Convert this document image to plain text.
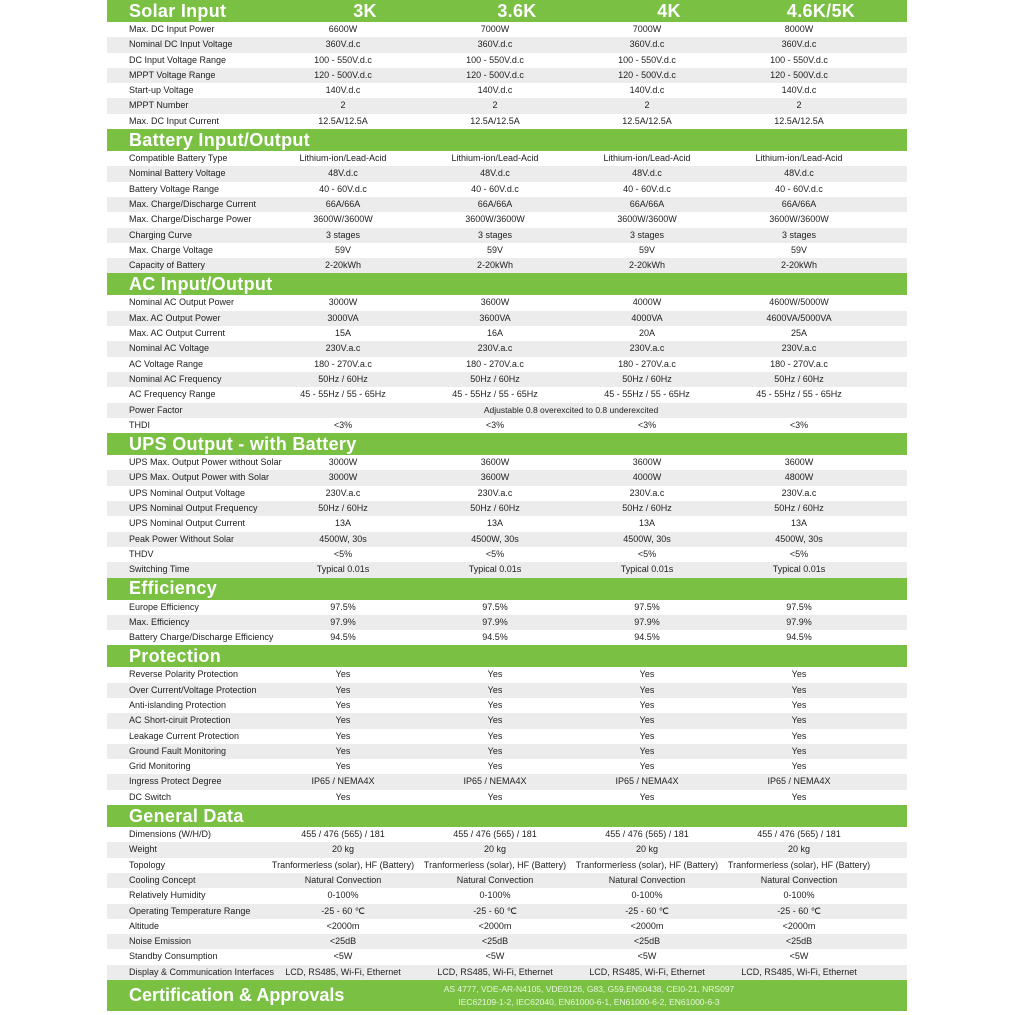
Solar Input	3K	3.6K	4K	4.6K/5K
Max. DC Input Power	6600W	7000W	7000W	8000W
Nominal DC Input Voltage	360V.d.c	360V.d.c	360V.d.c	360V.d.c
DC Input Voltage Range	100 - 550V.d.c	100 - 550V.d.c	100 - 550V.d.c	100 - 550V.d.c
MPPT Voltage Range	120 - 500V.d.c	120 - 500V.d.c	120 - 500V.d.c	120 - 500V.d.c
Start-up Voltage	140V.d.c	140V.d.c	140V.d.c	140V.d.c
MPPT Number	2	2	2	2
Max. DC Input Current	12.5A/12.5A	12.5A/12.5A	12.5A/12.5A	12.5A/12.5A
Battery Input/Output
Compatible Battery Type	Lithium-ion/Lead-Acid	Lithium-ion/Lead-Acid	Lithium-ion/Lead-Acid	Lithium-ion/Lead-Acid
Nominal Battery Voltage	48V.d.c	48V.d.c	48V.d.c	48V.d.c
Battery Voltage Range	40 - 60V.d.c	40 - 60V.d.c	40 - 60V.d.c	40 - 60V.d.c
Max. Charge/Discharge Current	66A/66A	66A/66A	66A/66A	66A/66A
Max. Charge/Discharge Power	3600W/3600W	3600W/3600W	3600W/3600W	3600W/3600W
Charging Curve	3 stages	3 stages	3 stages	3 stages
Max. Charge Voltage	59V	59V	59V	59V
Capacity of Battery	2-20kWh	2-20kWh	2-20kWh	2-20kWh
AC Input/Output
Nominal AC Output Power	3000W	3600W	4000W	4600W/5000W
Max. AC Output Power	3000VA	3600VA	4000VA	4600VA/5000VA
Max. AC Output Current	15A	16A	20A	25A
Nominal AC Voltage	230V.a.c	230V.a.c	230V.a.c	230V.a.c
AC Voltage Range	180 - 270V.a.c	180 - 270V.a.c	180 - 270V.a.c	180 - 270V.a.c
Nominal AC Frequency	50Hz / 60Hz	50Hz / 60Hz	50Hz / 60Hz	50Hz / 60Hz
AC Frequency Range	45 - 55Hz / 55 - 65Hz	45 - 55Hz / 55 - 65Hz	45 - 55Hz / 55 - 65Hz	45 - 55Hz / 55 - 65Hz
Power Factor	Adjustable 0.8 overexcited to 0.8 underexcited
THDI	<3%	<3%	<3%	<3%
UPS Output - with Battery
UPS Max. Output Power without Solar	3000W	3600W	3600W	3600W
UPS Max. Output Power with Solar	3000W	3600W	4000W	4800W
UPS Nominal Output Voltage	230V.a.c	230V.a.c	230V.a.c	230V.a.c
UPS Nominal Output Frequency	50Hz / 60Hz	50Hz / 60Hz	50Hz / 60Hz	50Hz / 60Hz
UPS Nominal Output Current	13A	13A	13A	13A
Peak Power Without Solar	4500W, 30s	4500W, 30s	4500W, 30s	4500W, 30s
THDV	<5%	<5%	<5%	<5%
Switching Time	Typical 0.01s	Typical 0.01s	Typical 0.01s	Typical 0.01s
Efficiency
Europe Efficiency	97.5%	97.5%	97.5%	97.5%
Max. Efficiency	97.9%	97.9%	97.9%	97.9%
Battery Charge/Discharge Efficiency	94.5%	94.5%	94.5%	94.5%
Protection
Reverse Polarity Protection	Yes	Yes	Yes	Yes
Over Current/Voltage Protection	Yes	Yes	Yes	Yes
Anti-islanding Protection	Yes	Yes	Yes	Yes
AC Short-ciruit Protection	Yes	Yes	Yes	Yes
Leakage Current Protection	Yes	Yes	Yes	Yes
Ground Fault Monitoring	Yes	Yes	Yes	Yes
Grid Monitoring	Yes	Yes	Yes	Yes
Ingress Protect Degree	IP65 / NEMA4X	IP65 / NEMA4X	IP65 / NEMA4X	IP65 / NEMA4X
DC Switch	Yes	Yes	Yes	Yes
General Data
Dimensions (W/H/D)	455 / 476 (565) / 181	455 / 476 (565) / 181	455 / 476 (565) / 181	455 / 476 (565) / 181
Weight	20 kg	20 kg	20 kg	20 kg
Topology	Tranformerless (solar), HF (Battery)	Tranformerless (solar), HF (Battery)	Tranformerless (solar), HF (Battery)	Tranformerless (solar), HF (Battery)
Cooling Concept	Natural Convection	Natural Convection	Natural Convection	Natural Convection
Relatively Humidity	0-100%	0-100%	0-100%	0-100%
Operating Temperature Range	-25 - 60 ℃	-25 - 60 ℃	-25 - 60 ℃	-25 - 60 ℃
Altitude	<2000m	<2000m	<2000m	<2000m
Noise Emission	<25dB	<25dB	<25dB	<25dB
Standby Consumption	<5W	<5W	<5W	<5W
Display & Communication Interfaces	LCD, RS485, Wi-Fi, Ethernet	LCD, RS485, Wi-Fi, Ethernet	LCD, RS485, Wi-Fi, Ethernet	LCD, RS485, Wi-Fi, Ethernet
Certification & Approvals	AS 4777, VDE-AR-N4105, VDE0126, G83, G59,EN50438, CEI0-21, NRS097
IEC62109-1-2, IEC62040, EN61000-6-1, EN61000-6-2, EN61000-6-3
